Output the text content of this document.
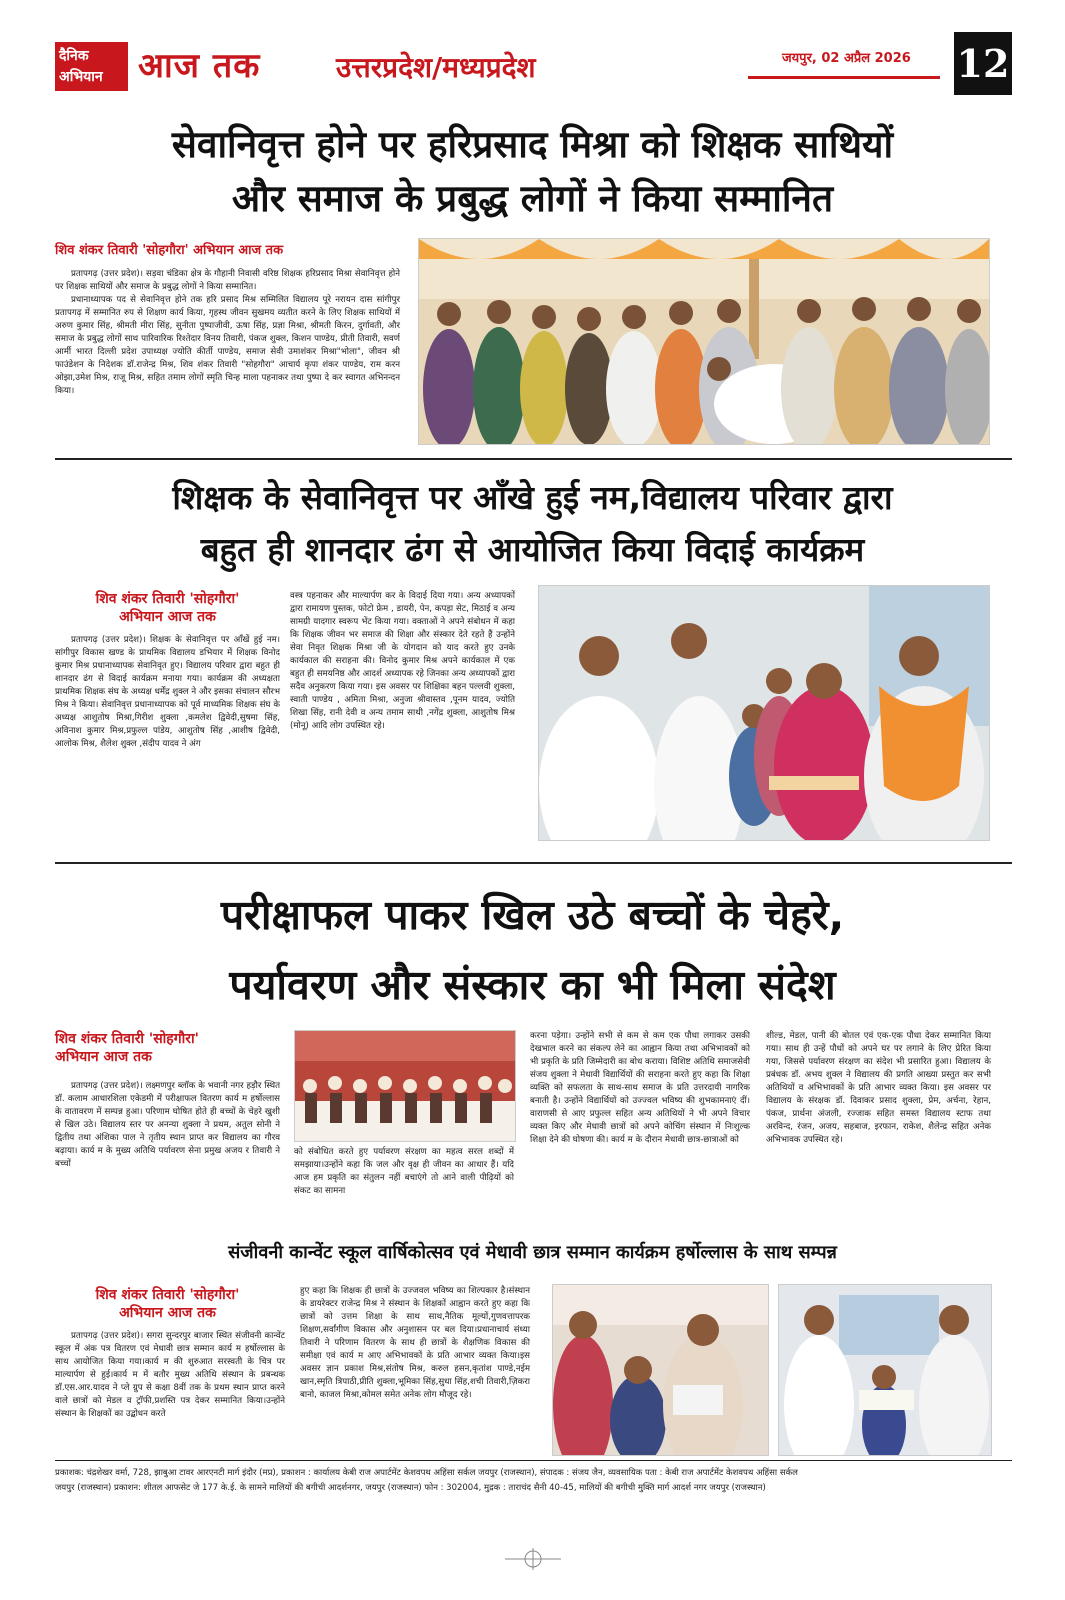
दैनिक
अभियान आज तक	उत्तरप्रदेश/मध्यप्रदेश	जयपुर, 02 अप्रैल 2026 12
सेवानिवृत्त होने पर हरिप्रसाद मिश्रा को शिक्षक साथियों
और समाज के प्रबुद्ध लोगों ने किया सम्मानित
शिव शंकर तिवारी 'सोहगौरा' अभियान आज तक

प्रतापगढ़ (उत्तर प्रदेश)। सड़वा चंडिका क्षेत्र के गौहानी निवासी वरिष्ठ शिक्षक हरिप्रसाद मिश्रा सेवानिवृत्त होने पर शिक्षक साथियों और समाज के प्रबुद्ध लोगों ने किया सम्मानित।

प्रधानाध्यापक पद से सेवानिवृत्त होने तक हरि प्रसाद मिश्र सम्मिलित विद्यालय पूरे नरायन दास सांगीपुर प्रतापगढ़ में सम्मानित रुप से शिक्षण कार्य किया, गृहस्थ जीवन सुखमय व्यतीत करने के लिए शिक्षक साथियों में अरुण कुमार सिंह, श्रीमती मीरा सिंह, सुनीता पुष्पाजीवी, ऊषा सिंह, प्रज्ञा मिश्रा, श्रीमती किरन, दुर्गावती, और समाज के प्रबुद्ध लोगों साथ पारिवारिक रिश्तेदार विनय तिवारी, पंकज शुक्ल, किशन पाण्डेय, प्रीती तिवारी, सवर्ण आर्मी भारत दिल्ली प्रदेश उपाध्यक्ष ज्योति कीर्ती पाण्डेय, समाज सेवी उमाशंकर मिश्रा"भोला", जीवन श्री फाउंडेशन के निदेशक डॉ.राजेन्द्र मिश्र, शिव शंकर तिवारी "सोहगौरा" आचार्य कृपा शंकर पाण्डेय, राम करन ओझा,उमेश मिश्र, राजू मिश्र, सहित तमाम लोगों स्मृति चिन्ह माला पहनाकर तथा पुष्पा दे कर स्वागत अभिनन्दन किया।

शिक्षक के सेवानिवृत्त पर आँखे हुई नम,विद्यालय परिवार द्वारा
बहुत ही शानदार ढंग से आयोजित किया विदाई कार्यक्रम
शिव शंकर तिवारी 'सोहगौरा'
अभियान आज तक

प्रतापगढ़ (उत्तर प्रदेश)। शिक्षक के सेवानिवृत्त पर आँखें हुई नम। सांगीपुर विकास खण्ड के प्राथमिक विद्यालय डभियार में शिक्षक विनोद कुमार मिश्र प्रधानाध्यापक सेवानिवृत हुए। विद्यालय परिवार द्वारा बहुत ही शानदार ढंग से विदाई कार्यक्रम मनाया गया। कार्यक्रम की अध्यक्षता प्राथमिक शिक्षक संघ के अध्यक्ष धर्मेंद्र शुक्ल ने और इसका संचालन सौरभ मिश्र ने किया। सेवानिवृत्त प्रधानाध्यापक को पूर्व माध्यमिक शिक्षक संघ के अध्यक्ष आशुतोष मिश्रा,गिरीश शुक्ला ,कमलेश द्विवेदी,सुषमा सिंह, अविनाश कुमार मिश्र,प्रफुल्ल पांडेय, आशुतोष सिंह ,आशीष द्विवेदी, आलोक मिश्र, शैलेश शुक्ल ,संदीप यादव ने अंग

वस्त्र पहनाकर और माल्यार्पण कर के विदाई दिया गया। अन्य अध्यापकों द्वारा रामायण पुस्तक, फोटो फ्रेम , डायरी, पेन, कपड़ा सेट, मिठाई व अन्य सामग्री यादगार स्वरूप भेंट किया गया। वक्ताओं ने अपने संबोधन में कहा कि शिक्षक जीवन भर समाज की शिक्षा और संस्कार देते रहते हैं उन्होंने सेवा निवृत शिक्षक मिश्रा जी के योगदान को याद करते हुए उनके कार्यकाल की सराहना की। विनोद कुमार मिश्र अपने कार्यकाल में एक बहुत ही समयनिष्ठ और आदर्श अध्यापक रहे जिनका अन्य अध्यापकों द्वारा सदैव अनुकरण किया गया। इस अवसर पर शिक्षिका बहन पल्लवी शुक्ला, स्वाती पाण्डेय , अमिता मिश्रा, अनुजा श्रीवास्तव ,पूनम यादव, ज्योति शिखा सिंह, रानी देवी व अन्य तमाम साथी ,नगेंद्र शुक्ला, आशुतोष मिश्र (मोनू) आदि लोग उपस्थित रहे।

परीक्षाफल पाकर खिल उठे बच्चों के चेहरे,
पर्यावरण और संस्कार का भी मिला संदेश
शिव शंकर तिवारी 'सोहगौरा'
अभियान आज तक

प्रतापगढ़ (उत्तर प्रदेश)। लक्ष्मणपुर ब्लॉक के भवानी नगर हड़ौर स्थित डॉ. कलाम आधारशिला एकेडमी में परीक्षाफल वितरण कार्य म हर्षोल्लास के वातावरण में सम्पन्न हुआ। परिणाम घोषित होते ही बच्चों के चेहरे खुशी से खिल उठे। विद्यालय स्तर पर अनन्या शुक्ला ने प्रथम, अतुल सोनी ने द्वितीय तथा अंशिका पाल ने तृतीय स्थान प्राप्त कर विद्यालय का गौरव बढ़ाया। कार्य म के मुख्य अतिथि पर्यावरण सेना प्रमुख अजय र तिवारी ने बच्चों

को संबोधित करते हुए पर्यावरण संरक्षण का महत्व सरल शब्दों में समझाया।उन्होंने कहा कि जल और वृक्ष ही जीवन का आधार हैं। यदि आज हम प्रकृति का संतुलन नहीं बचाएंगे तो आने वाली पीढ़ियों को संकट का सामना

करना पड़ेगा। उन्होंने सभी से कम से कम एक पौधा लगाकर उसकी देखभाल करने का संकल्प लेने का आह्वान किया तथा अभिभावकों को भी प्रकृति के प्रति जिम्मेदारी का बोध कराया। विशिष्ट अतिथि समाजसेवी संजय शुक्ला ने मेधावी विद्यार्थियों की सराहना करते हुए कहा कि शिक्षा व्यक्ति को सफलता के साथ-साथ समाज के प्रति उत्तरदायी नागरिक बनाती है। उन्होंने विद्यार्थियों को उज्ज्वल भविष्य की शुभकामनाएं दीं।वाराणसी से आए प्रफुल्ल सहित अन्य अतिथियों ने भी अपने विचार व्यक्त किए और मेधावी छात्रों को अपने कोचिंग संस्थान में निःशुल्क शिक्षा देने की घोषणा की। कार्य म के दौरान मेधावी छात्र-छात्राओं को

शील्ड, मेडल, पानी की बोतल एवं एक-एक पौधा देकर सम्मानित किया गया। साथ ही उन्हें पौधों को अपने घर पर लगाने के लिए प्रेरित किया गया, जिससे पर्यावरण संरक्षण का संदेश भी प्रसारित हुआ। विद्यालय के प्रबंधक डॉ. अभय शुक्ल ने विद्यालय की प्रगति आख्या प्रस्तुत कर सभी अतिथियों व अभिभावकों के प्रति आभार व्यक्त किया। इस अवसर पर विद्यालय के संरक्षक डॉ. दिवाकर प्रसाद शुक्ला, प्रेम, अर्चना, रेहान, पंकज, प्रार्थना अंजली, रज्जाक सहित समस्त विद्यालय स्टाफ तथा अरविन्द, रंजन, अजय, सहबाज, इरफान, राकेश, शैलेन्द्र सहित अनेक अभिभावक उपस्थित रहे।

संजीवनी कान्वेंट स्कूल वार्षिकोत्सव एवं मेधावी छात्र सम्मान कार्यक्रम हर्षोल्लास के साथ सम्पन्न
शिव शंकर तिवारी 'सोहगौरा'
अभियान आज तक

प्रतापगढ़ (उत्तर प्रदेश)। सगरा सुन्दरपुर बाजार स्थित संजीवनी कान्वेंट स्कूल में अंक पत्र वितरण एवं मेधावी छात्र सम्मान कार्य म हर्षोल्लास के साथ आयोजित किया गया।कार्य म की शुरुआत सरस्वती के चित्र पर माल्यार्पण से हुई।कार्य म में बतौर मुख्य अतिथि संस्थान के प्रबन्धक डॉ.एस.आर.यादव ने प्ले ग्रुप से कक्षा 8वीं तक के प्रथम स्थान प्राप्त करने वाले छात्रों को मेडल व ट्रॉफी,प्रशस्ति पत्र देकर सम्मानित किया।उन्होंने संस्थान के शिक्षकों का उद्बोधन करते

हुए कहा कि शिक्षक ही छात्रों के उज्जवल भविष्य का शिल्पकार है।संस्थान के डायरेक्टर राजेन्द्र मिश्र ने संस्थान के शिक्षकों आह्वान करते हुए कहा कि छात्रों को उत्तम शिक्षा के साथ साथ,नैतिक मूल्यों,गुणवत्तापरक शिक्षण,सर्वांगीण विकास और अनुशासन पर बल दिया।प्रधानाचार्य संध्या तिवारी ने परिणाम वितरण के साथ ही छात्रों के शैक्षणिक विकास की समीक्षा एवं कार्य म आए अभिभावकों के प्रति आभार व्यक्त किया।इस अवसर ज्ञान प्रकाश मिश्र,संतोष मिश्र, करुल हसन,कृतांश पाण्डे,नईम खान,स्मृति त्रिपाठी,प्रीति शुक्ला,भूमिका सिंह,सुधा सिंह,शची तिवारी,ज़िकरा बानो, काजल मिश्रा,कोमल समेत अनेक लोग मौजूद रहे।

प्रकाशक: चंद्रशेखर वर्मा, 728, झाबुआ टावर आरएनटी मार्ग इंदौर (मप्र), प्रकाशन : कार्यालय केबी राज अपार्टमेंट केशवपथ अहिंसा सर्कल जयपुर (राजस्थान), संपादक : संजय जैन, व्यवसायिक पता : केबी राज अपार्टमेंट केशवपथ अहिंसा सर्कल
जयपुर (राजस्थान) प्रकाशन: शीतल आफसेट जे 177 के.ई. के सामने मालियों की बगीची आदर्शनगर, जयपुर (राजस्थान) फोन : 302004, मुद्रक : ताराचंद सैनी 40-45, मालियों की बगीची मुक्ति मार्ग आदर्श नगर जयपुर (राजस्थान)
